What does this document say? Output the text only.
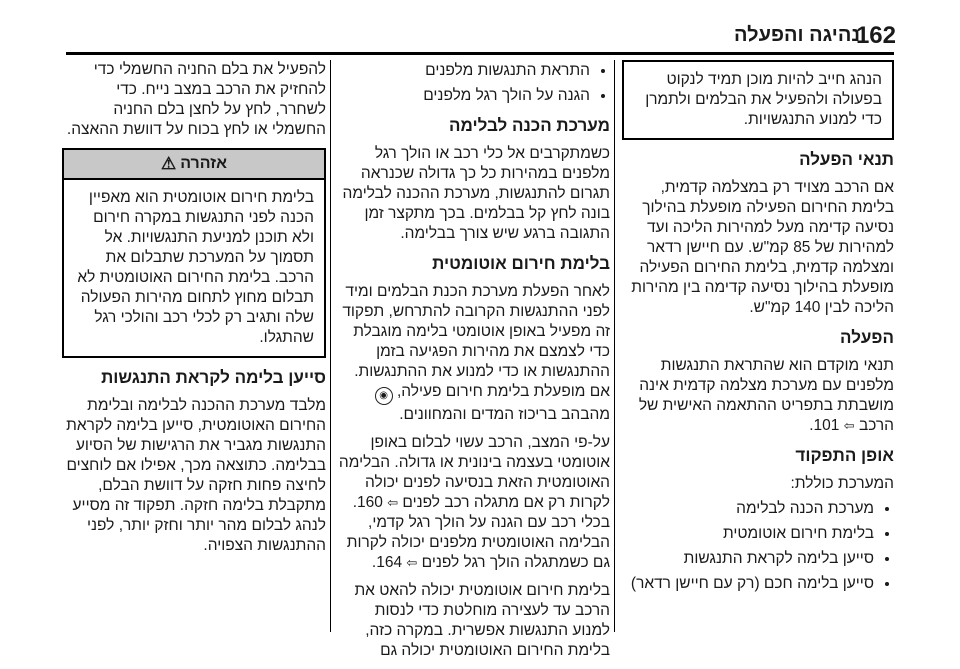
162
נהיגה והפעלה

הנהג חייב להיות מוכן תמיד לנקוט בפעולה ולהפעיל את הבלמים ולתמרן כדי למנוע התנגשויות.

תנאי הפעלה

אם הרכב מצויד רק במצלמה קדמית, בלימת החירום הפעילה מופעלת בהילוך נסיעה קדימה מעל למהירות הליכה ועד למהירות של 85 קמ"ש. עם חיישן רדאר ומצלמה קדמית, בלימת החירום הפעילה מופעלת בהילוך נסיעה קדימה בין מהירות הליכה לבין 140 קמ"ש.

הפעלה

תנאי מוקדם הוא שהתראת התנגשות מלפנים עם מערכת מצלמה קדמית אינה מושבתת בתפריט ההתאמה האישית של הרכב ⇦ 101.

אופן התפקוד

המערכת כוללת:

• מערכת הכנה לבלימה
• בלימת חירום אוטומטית
• סייען בלימה לקראת התנגשות
• סייען בלימה חכם (רק עם חיישן רדאר)
• התראת התנגשות מלפנים
• הגנה על הולך רגל מלפנים
מערכת הכנה לבלימה

כשמתקרבים אל כלי רכב או הולך רגל מלפנים במהירות כל כך גדולה שכנראה תגרום להתנגשות, מערכת ההכנה לבלימה בונה לחץ קל בבלמים. בכך מתקצר זמן התגובה ברגע שיש צורך בבלימה.

בלימת חירום אוטומטית

לאחר הפעלת מערכת הכנת הבלמים ומיד לפני ההתנגשות הקרובה להתרחש, תפקוד זה מפעיל באופן אוטומטי בלימה מוגבלת כדי לצמצם את מהירות הפגיעה בזמן ההתנגשות או כדי למנוע את ההתנגשות. אם מופעלת בלימת חירום פעילה, ◉ מהבהב בריכוז המדים והמחוונים.

על-פי המצב, הרכב עשוי לבלום באופן אוטומטי בעצמה בינונית או גדולה. הבלימה האוטומטית הזאת בנסיעה לפנים יכולה לקרות רק אם מתגלה רכב לפנים ⇦ 160. בכלי רכב עם הגנה על הולך רגל קדמי, הבלימה האוטומטית מלפנים יכולה לקרות גם כשמתגלה הולך רגל לפנים ⇦ 164.

בלימת חירום אוטומטית יכולה להאט את הרכב עד לעצירה מוחלטת כדי לנסות למנוע התנגשות אפשרית. במקרה כזה, בלימת החירום האוטומטית יכולה גם

להפעיל את בלם החניה החשמלי כדי להחזיק את הרכב במצב נייח. כדי לשחרר, לחץ על לחצן בלם החניה החשמלי או לחץ בכוח על דוושת ההאצה.

אזהרה
⚠
בלימת חירום אוטומטית הוא מאפיין הכנה לפני התנגשות במקרה חירום ולא תוכנן למניעת התנגשויות. אל תסמוך על המערכת שתבלום את הרכב. בלימת החירום האוטומטית לא תבלום מחוץ לתחום מהירות הפעולה שלה ותגיב רק לכלי רכב והולכי רגל שהתגלו.
סייען בלימה לקראת התנגשות

מלבד מערכת ההכנה לבלימה ובלימת החירום האוטומטית, סייען בלימה לקראת התנגשות מגביר את הרגישות של הסיוע בבלימה. כתוצאה מכך, אפילו אם לוחצים לחיצה פחות חזקה על דוושת הבלם, מתקבלת בלימה חזקה. תפקוד זה מסייע לנהג לבלום מהר יותר וחזק יותר, לפני ההתנגשות הצפויה.
